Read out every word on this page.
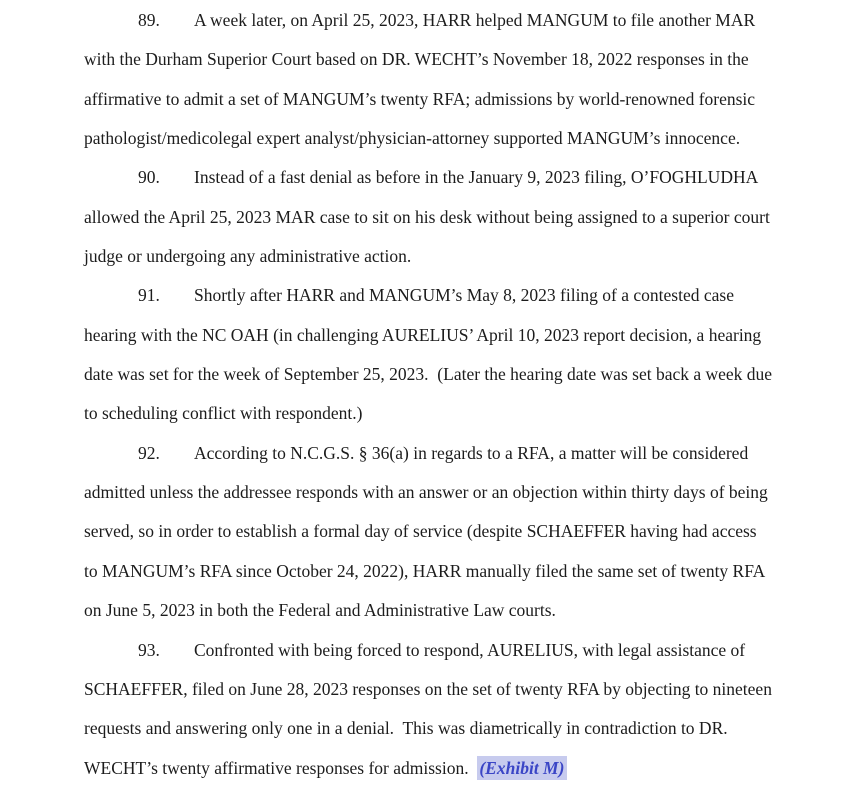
89. A week later, on April 25, 2023, HARR helped MANGUM to file another MAR with the Durham Superior Court based on DR. WECHT’s November 18, 2022 responses in the affirmative to admit a set of MANGUM’s twenty RFA; admissions by world-renowned forensic pathologist/medicolegal expert analyst/physician-attorney supported MANGUM’s innocence.

90. Instead of a fast denial as before in the January 9, 2023 filing, O’FOGHLUDHA allowed the April 25, 2023 MAR case to sit on his desk without being assigned to a superior court judge or undergoing any administrative action.

91. Shortly after HARR and MANGUM’s May 8, 2023 filing of a contested case hearing with the NC OAH (in challenging AURELIUS’ April 10, 2023 report decision, a hearing date was set for the week of September 25, 2023.  (Later the hearing date was set back a week due to scheduling conflict with respondent.)

92. According to N.C.G.S. § 36(a) in regards to a RFA, a matter will be considered admitted unless the addressee responds with an answer or an objection within thirty days of being served, so in order to establish a formal day of service (despite SCHAEFFER having had access to MANGUM’s RFA since October 24, 2022), HARR manually filed the same set of twenty RFA on June 5, 2023 in both the Federal and Administrative Law courts.

93. Confronted with being forced to respond, AURELIUS, with legal assistance of SCHAEFFER, filed on June 28, 2023 responses on the set of twenty RFA by objecting to nineteen requests and answering only one in a denial.  This was diametrically in contradiction to DR. WECHT’s twenty affirmative responses for admission.  (Exhibit M)
